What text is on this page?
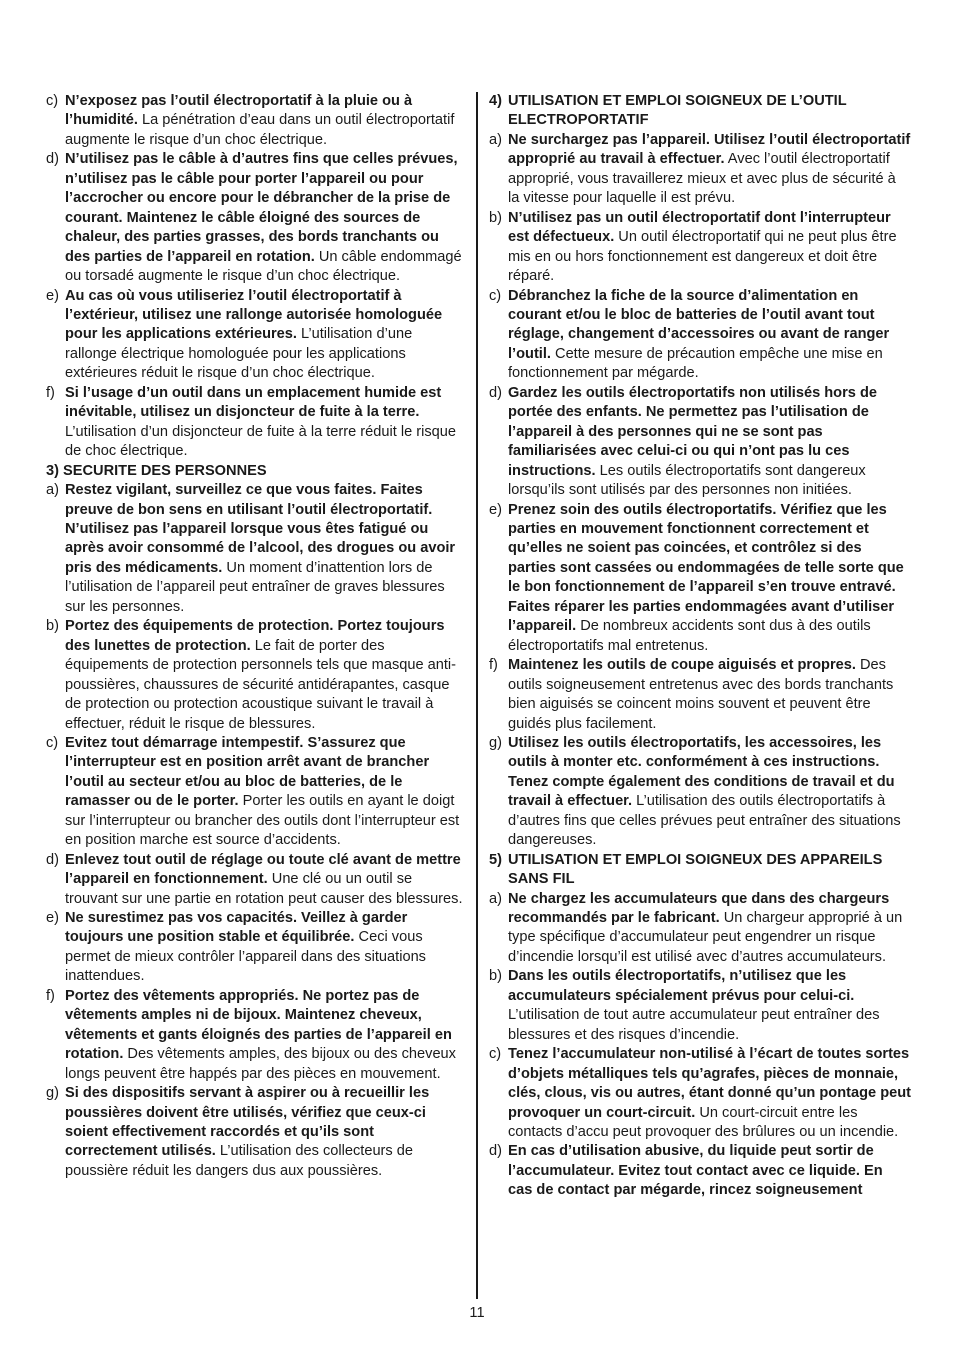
c) N’exposez pas l’outil électroportatif à la pluie ou à l’humidité. La pénétration d’eau dans un outil électroportatif augmente le risque d’un choc électrique.

d) N’utilisez pas le câble à d’autres fins que celles prévues, n’utilisez pas le câble pour porter l’appareil ou pour l’accrocher ou encore pour le débrancher de la prise de courant. Maintenez le câble éloigné des sources de chaleur, des parties grasses, des bords tranchants ou des parties de l’appareil en rotation. Un câble endommagé ou torsadé augmente le risque d’un choc électrique.

e) Au cas où vous utiliseriez l’outil électroportatif à l’extérieur, utilisez une rallonge autorisée homologuée pour les applications extérieures. L’utilisation d’une rallonge électrique homologuée pour les applications extérieures réduit le risque d’un choc électrique.

f) Si l’usage d’un outil dans un emplacement humide est inévitable, utilisez un disjoncteur de fuite à la terre. L’utilisation d’un disjoncteur de fuite à la terre réduit le risque de choc électrique.

3) SECURITE DES PERSONNES

a) Restez vigilant, surveillez ce que vous faites. Faites preuve de bon sens en utilisant l’outil électroportatif. N’utilisez pas l’appareil lorsque vous êtes fatigué ou après avoir consommé de l’alcool, des drogues ou avoir pris des médicaments. Un moment d’inattention lors de l’utilisation de l’appareil peut entraîner de graves blessures sur les personnes.

b) Portez des équipements de protection. Portez toujours des lunettes de protection. Le fait de porter des équipements de protection personnels tels que masque anti-poussières, chaussures de sécurité antidérapantes, casque de protection ou protection acoustique suivant le travail à effectuer, réduit le risque de blessures.

c) Evitez tout démarrage intempestif. S’assurez que l’interrupteur est en position arrêt avant de brancher l’outil au secteur et/ou au bloc de batteries, de le ramasser ou de le porter. Porter les outils en ayant le doigt sur l’interrupteur ou brancher des outils dont l’interrupteur est en position marche est source d’accidents.

d) Enlevez tout outil de réglage ou toute clé avant de mettre l’appareil en fonctionnement. Une clé ou un outil se trouvant sur une partie en rotation peut causer des blessures.

e) Ne surestimez pas vos capacités. Veillez à garder toujours une position stable et équilibrée. Ceci vous permet de mieux contrôler l’appareil dans des situations inattendues.

f) Portez des vêtements appropriés. Ne portez pas de vêtements amples ni de bijoux. Maintenez cheveux, vêtements et gants éloignés des parties de l’appareil en rotation. Des vêtements amples, des bijoux ou des cheveux longs peuvent être happés par des pièces en mouvement.

g) Si des dispositifs servant à aspirer ou à recueillir les poussières doivent être utilisés, vérifiez que ceux-ci soient effectivement raccordés et qu’ils sont correctement utilisés. L’utilisation des collecteurs de poussière réduit les dangers dus aux poussières.

4) UTILISATION ET EMPLOI SOIGNEUX DE L’OUTIL ELECTROPORTATIF

a) Ne surchargez pas l’appareil. Utilisez l’outil électroportatif approprié au travail à effectuer. Avec l’outil électroportatif approprié, vous travaillerez mieux et avec plus de sécurité à la vitesse pour laquelle il est prévu.

b) N’utilisez pas un outil électroportatif dont l’interrupteur est défectueux. Un outil électroportatif qui ne peut plus être mis en ou hors fonctionnement est dangereux et doit être réparé.

c) Débranchez la fiche de la source d’alimentation en courant et/ou le bloc de batteries de l’outil avant tout réglage, changement d’accessoires ou avant de ranger l’outil. Cette mesure de précaution empêche une mise en fonctionnement par mégarde.

d) Gardez les outils électroportatifs non utilisés hors de portée des enfants. Ne permettez pas l’utilisation de l’appareil à des personnes qui ne se sont pas familiarisées avec celui-ci ou qui n’ont pas lu ces instructions. Les outils électroportatifs sont dangereux lorsqu’ils sont utilisés par des personnes non initiées.

e) Prenez soin des outils électroportatifs. Vérifiez que les parties en mouvement fonctionnent correctement et qu’elles ne soient pas coincées, et contrôlez si des parties sont cassées ou endommagées de telle sorte que le bon fonctionnement de l’appareil s’en trouve entravé. Faites réparer les parties endommagées avant d’utiliser l’appareil. De nombreux accidents sont dus à des outils électroportatifs mal entretenus.

f) Maintenez les outils de coupe aiguisés et propres. Des outils soigneusement entretenus avec des bords tranchants bien aiguisés se coincent moins souvent et peuvent être guidés plus facilement.

g) Utilisez les outils électroportatifs, les accessoires, les outils à monter etc. conformément à ces instructions. Tenez compte également des conditions de travail et du travail à effectuer. L’utilisation des outils électroportatifs à d’autres fins que celles prévues peut entraîner des situations dangereuses.

5) UTILISATION ET EMPLOI SOIGNEUX DES APPAREILS SANS FIL

a) Ne chargez les accumulateurs que dans des chargeurs recommandés par le fabricant. Un chargeur approprié à un type spécifique d’accumulateur peut engendrer un risque d’incendie lorsqu’il est utilisé avec d’autres accumulateurs.

b) Dans les outils électroportatifs, n’utilisez que les accumulateurs spécialement prévus pour celui-ci. L’utilisation de tout autre accumulateur peut entraîner des blessures et des risques d’incendie.

c) Tenez l’accumulateur non-utilisé à l’écart de toutes sortes d’objets métalliques tels qu’agrafes, pièces de monnaie, clés, clous, vis ou autres, étant donné qu’un pontage peut provoquer un court-circuit. Un court-circuit entre les contacts d’accu peut provoquer des brûlures ou un incendie.

d) En cas d’utilisation abusive, du liquide peut sortir de l’accumulateur. Evitez tout contact avec ce liquide. En cas de contact par mégarde, rincez soigneusement

11
